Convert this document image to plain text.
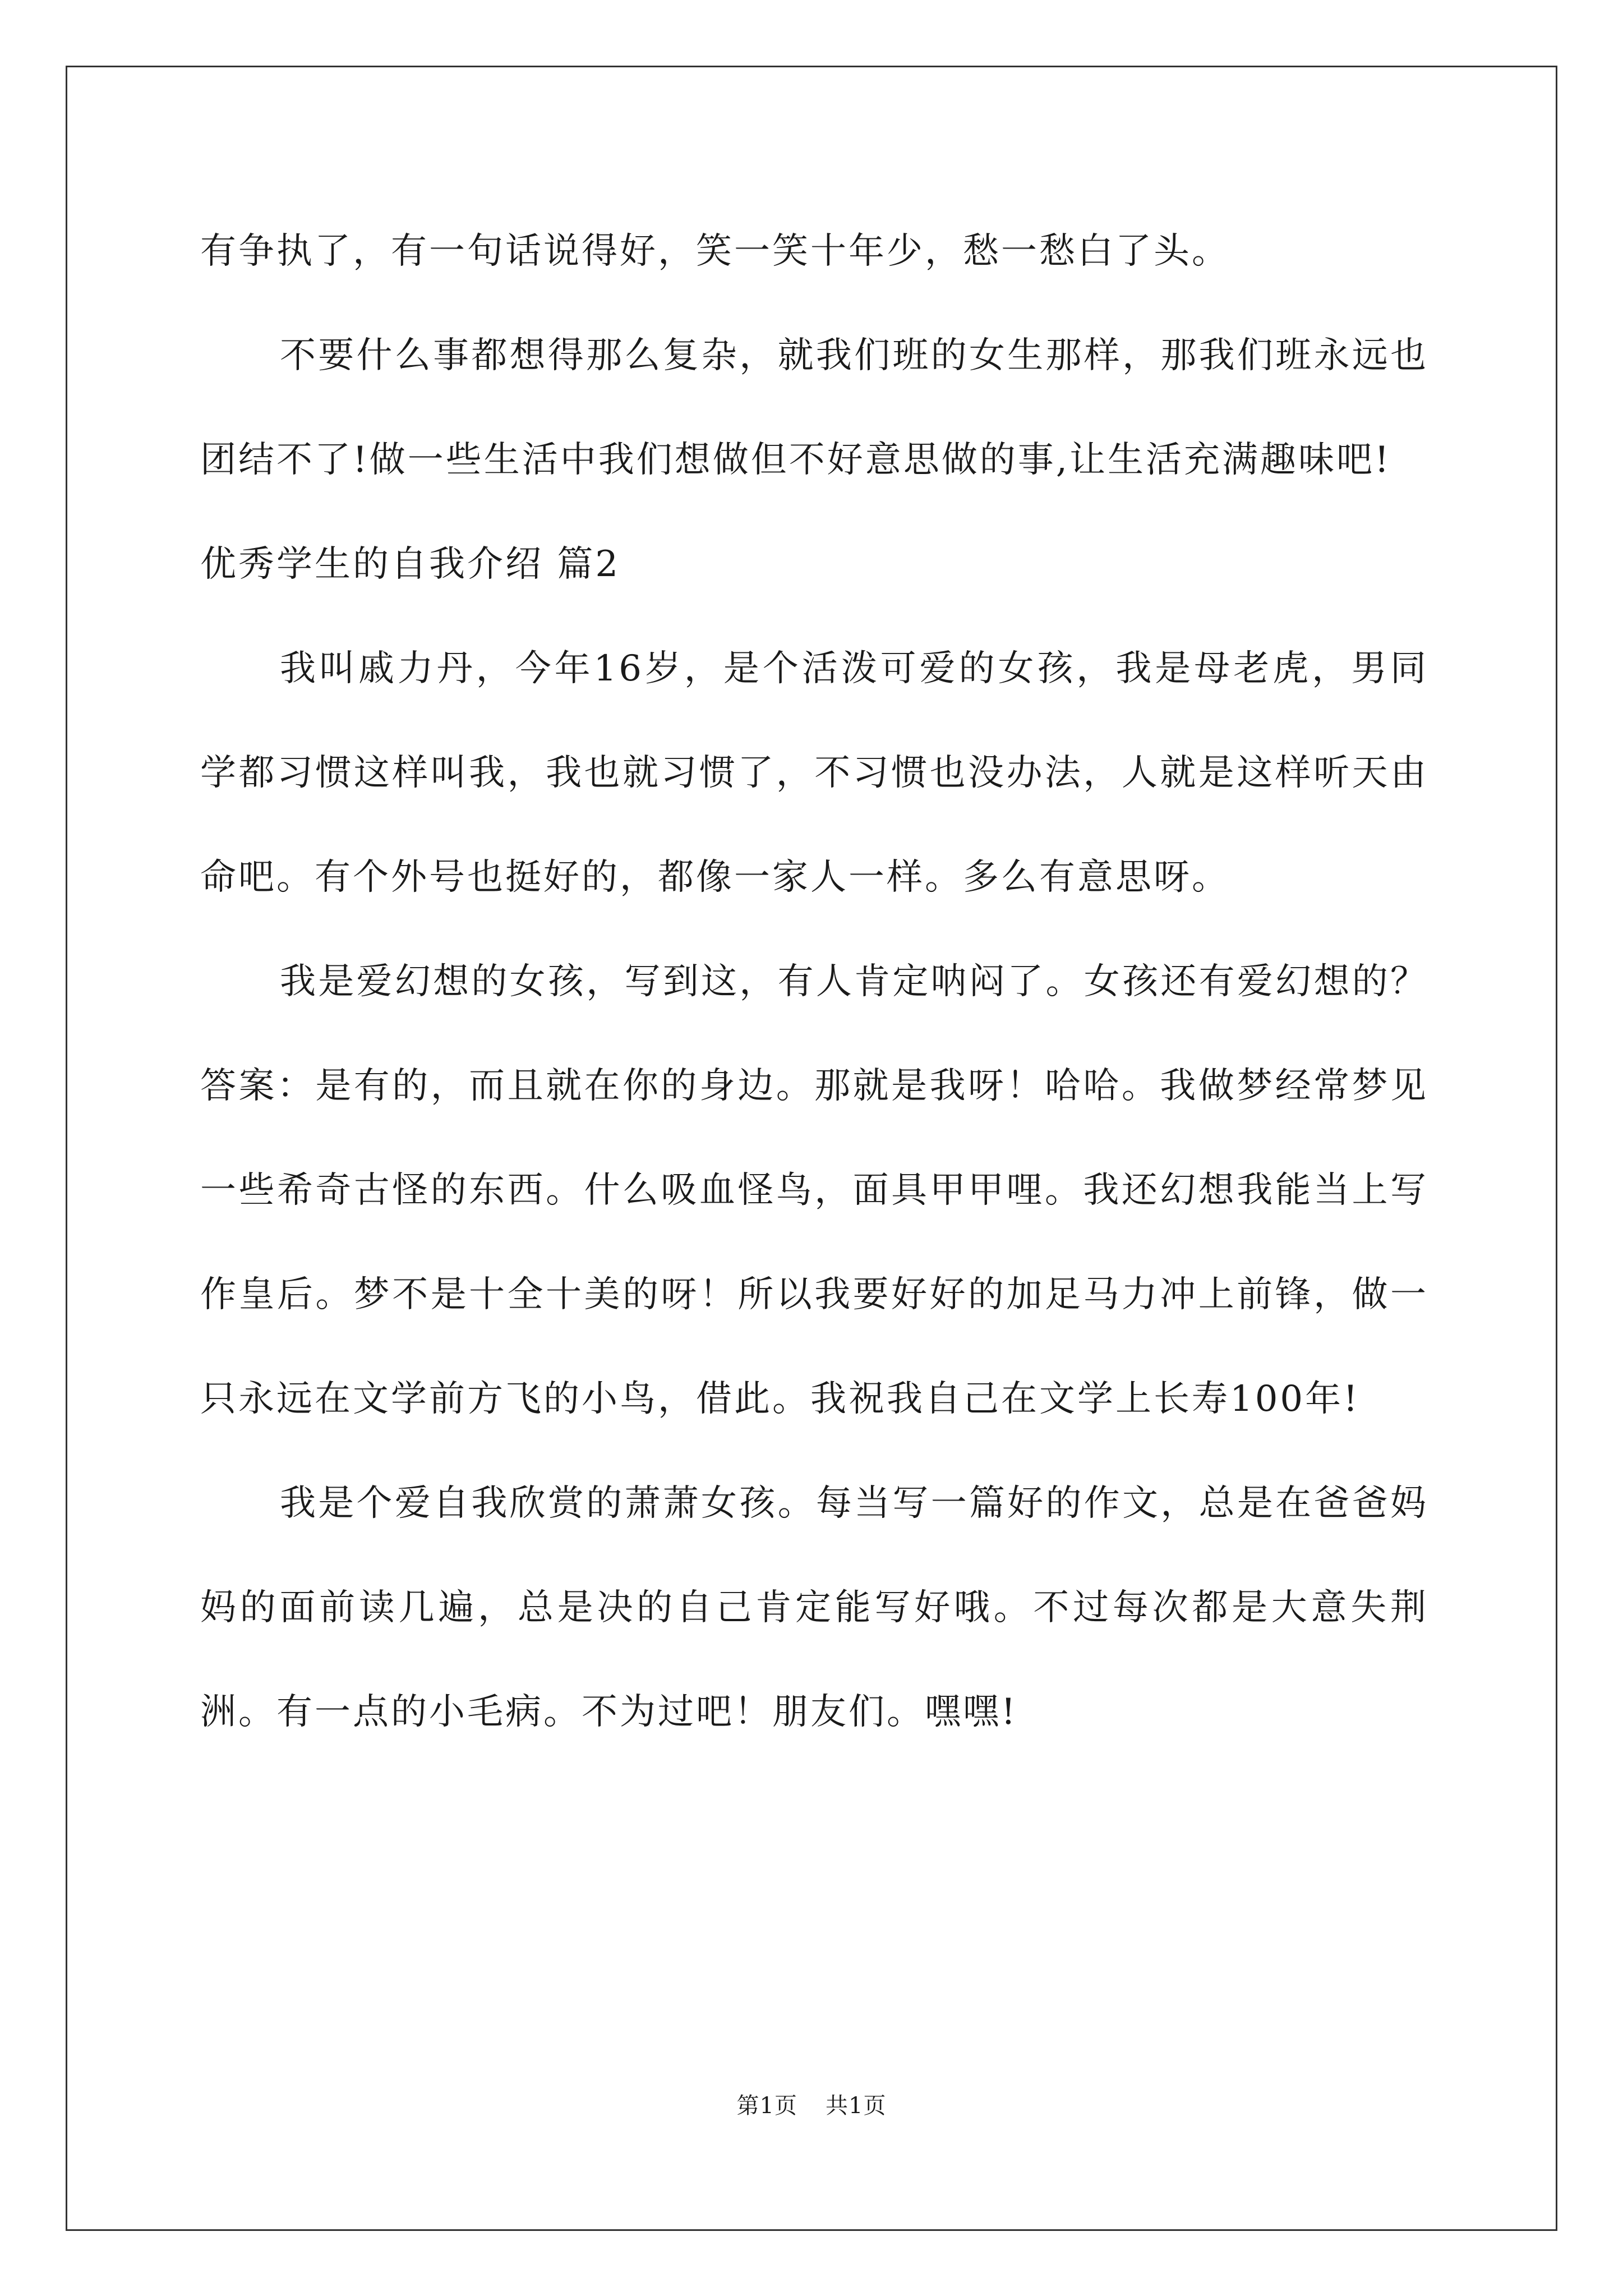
有争执了，有一句话说得好，笑一笑十年少，愁一愁白了头。

不要什么事都想得那么复杂，就我们班的女生那样，那我们班永远也团结不了!做一些生活中我们想做但不好意思做的事,让生活充满趣味吧!

优秀学生的自我介绍 篇2

我叫戚力丹，今年16岁，是个活泼可爱的女孩，我是母老虎，男同学都习惯这样叫我，我也就习惯了，不习惯也没办法，人就是这样听天由命吧。有个外号也挺好的，都像一家人一样。多么有意思呀。

我是爱幻想的女孩，写到这，有人肯定呐闷了。女孩还有爱幻想的？答案：是有的，而且就在你的身边。那就是我呀！哈哈。我做梦经常梦见一些希奇古怪的东西。什么吸血怪鸟，面具甲甲哩。我还幻想我能当上写作皇后。梦不是十全十美的呀！所以我要好好的加足马力冲上前锋，做一只永远在文学前方飞的小鸟，借此。我祝我自己在文学上长寿100年!

我是个爱自我欣赏的萧萧女孩。每当写一篇好的作文，总是在爸爸妈妈的面前读几遍，总是决的自己肯定能写好哦。不过每次都是大意失荆洲。有一点的小毛病。不为过吧！朋友们。嘿嘿!

第1页 共1页
